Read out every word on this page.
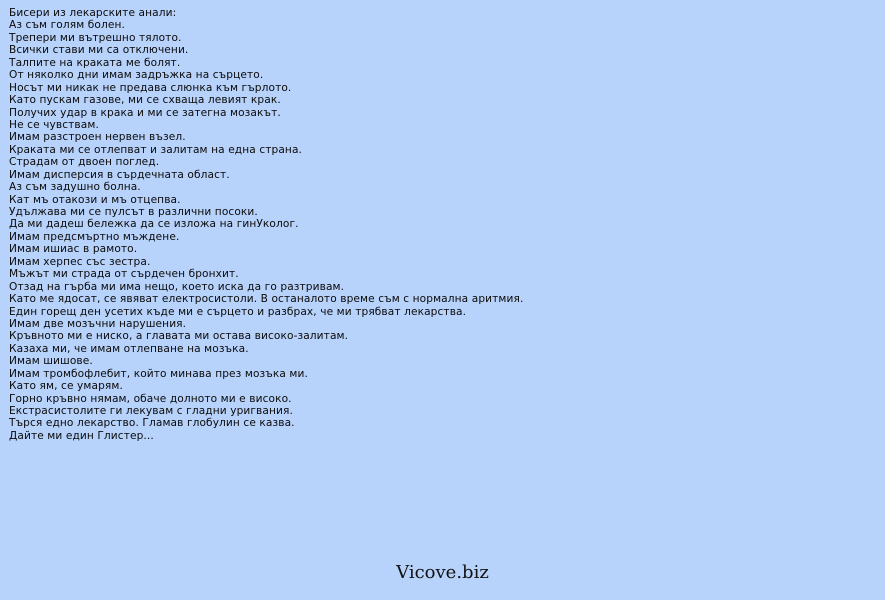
Бисери из лекарските анали:
Аз съм голям болен.
Трепери ми вътрешно тялото.
Всички стави ми са отключени.
Талпите на краката ме болят.
От няколко дни имам задръжка на сърцето.
Носът ми никак не предава слюнка към гърлото.
Като пускам газове, ми се схваща левият крак.
Получих удар в крака и ми се затегна мозакът.
Не се чувствам.
Имам разстроен нервен възел.
Краката ми се отлепват и залитам на една страна.
Страдам от двоен поглед.
Имам дисперсия в сърдечната област.
Аз съм задушно болна.
Кат мъ отакози и мъ отцепва.
Удължава ми се пулсът в различни посоки.
Да ми дадеш бележка да се изложа на гинУколог.
Имам предсмъртно мъждене.
Имам ишиас в рамото.
Имам херпес със зестра.
Мъжът ми страда от сърдечен бронхит.
Отзад на гърба ми има нещо, което иска да го разтривам.
Като ме ядосат, се явяват електросистоли. В останалото време съм с нормална аритмия.
Един горещ ден усетих къде ми е сърцето и разбрах, че ми трябват лекарства.
Имам две мозъчни нарушения.
Кръвното ми е ниско, а главата ми остава високо-залитам.
Казаха ми, че имам отлепване на мозъка.
Имам шишове.
Имам тромбофлебит, който минава през мозъка ми.
Като ям, се умарям.
Горно кръвно нямам, обаче долното ми е високо.
Екстрасистолите ги лекувам с гладни уригвания.
Търся едно лекарство. Гламав глобулин се казва.
Дайте ми един Глистер...
Vicove.biz
